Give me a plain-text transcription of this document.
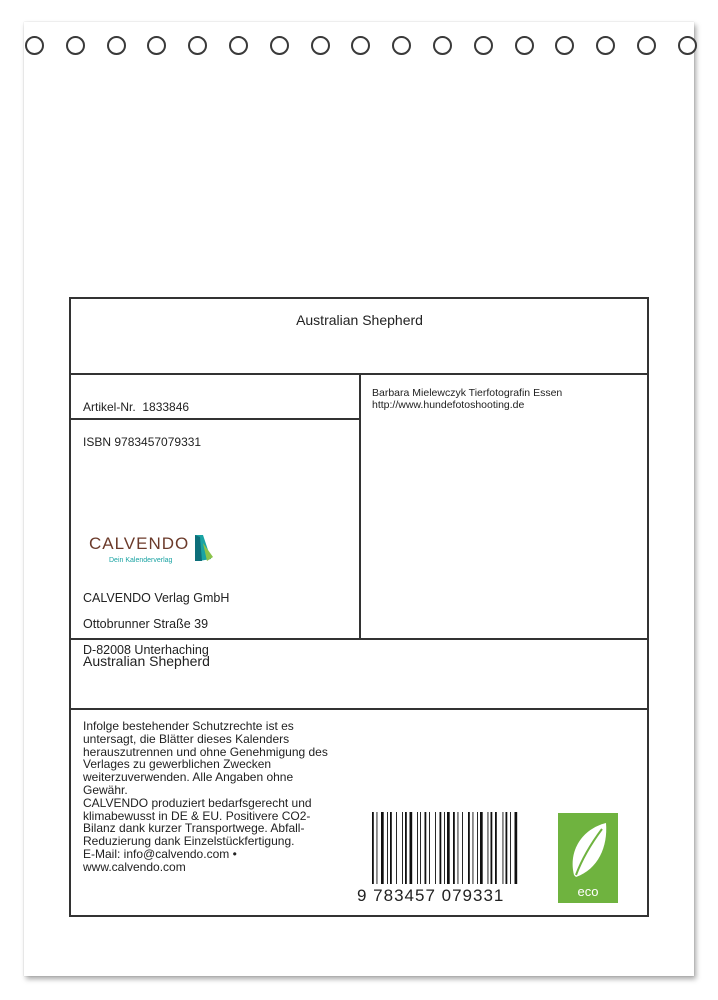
Australian Shepherd

Artikel-Nr. 1833846

ISBN 9783457079331
Barbara Mielewczyk Tierfotografin Essen
http://www.hundefotoshooting.de
CALVENDO
Dein Kalenderverlag

CALVENDO Verlag GmbH

Ottobrunner Straße 39

D-82008 Unterhaching

Australian Shepherd
Infolge bestehender Schutzrechte ist es
untersagt, die Blätter dieses Kalenders
herauszutrennen und ohne Genehmigung des
Verlages zu gewerblichen Zwecken
weiterzuverwenden. Alle Angaben ohne
Gewähr.
CALVENDO produziert bedarfsgerecht und
klimabewusst in DE & EU. Positivere CO2-
Bilanz dank kurzer Transportwege. Abfall-
Reduzierung dank Einzelstückfertigung.
E-Mail: info@calvendo.com •
www.calvendo.com
9 783457 079331	eco
